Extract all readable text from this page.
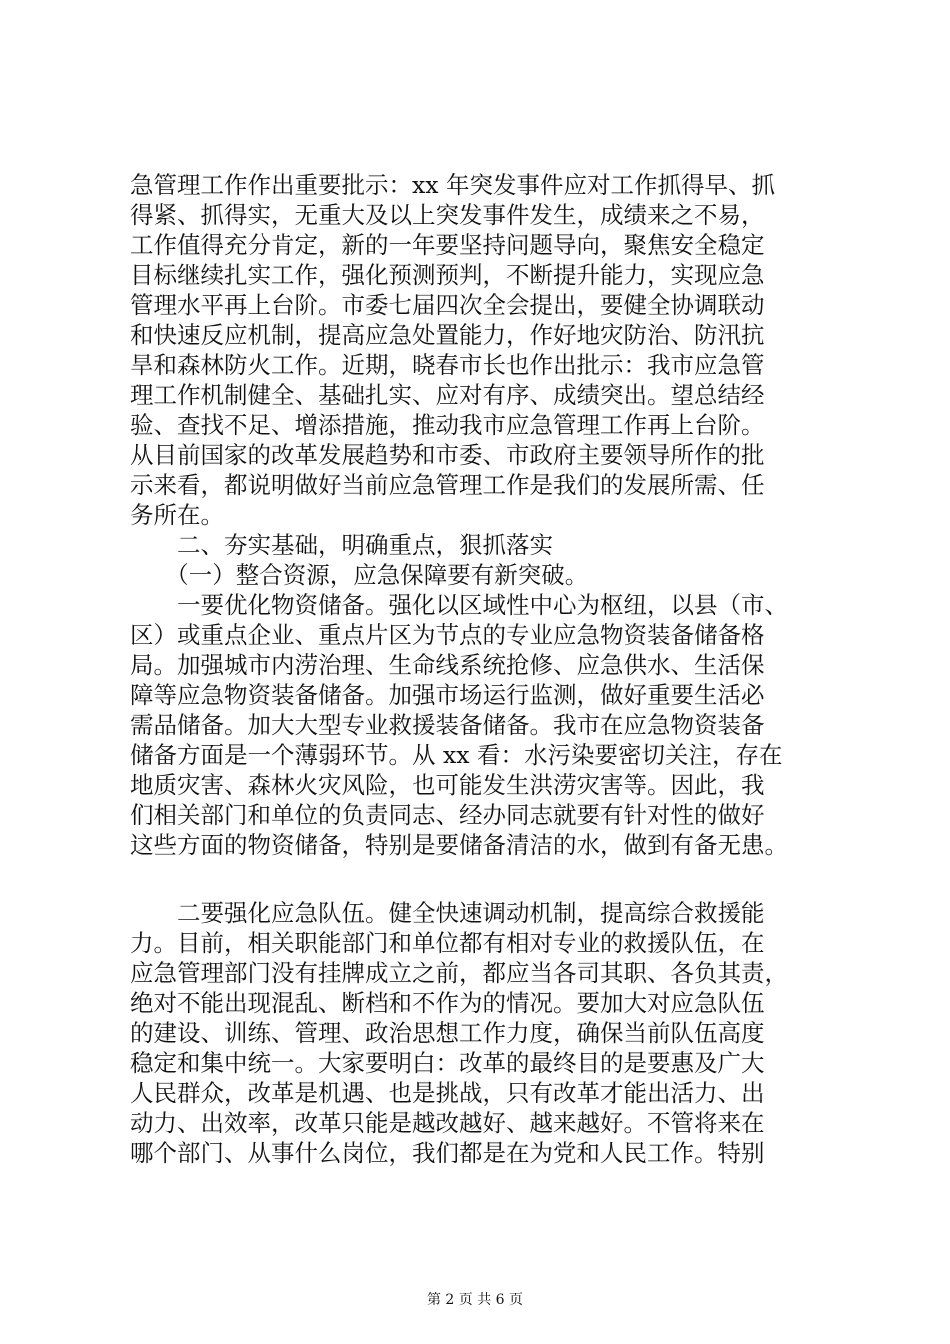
急管理工作作出重要批示：xx 年突发事件应对工作抓得早、抓
得紧、抓得实，无重大及以上突发事件发生，成绩来之不易，
工作值得充分肯定，新的一年要坚持问题导向，聚焦安全稳定
目标继续扎实工作，强化预测预判，不断提升能力，实现应急
管理水平再上台阶。市委七届四次全会提出，要健全协调联动
和快速反应机制，提高应急处置能力，作好地灾防治、防汛抗
旱和森林防火工作。近期，晓春市长也作出批示：我市应急管
理工作机制健全、基础扎实、应对有序、成绩突出。望总结经
验、查找不足、增添措施，推动我市应急管理工作再上台阶。
从目前国家的改革发展趋势和市委、市政府主要领导所作的批
示来看，都说明做好当前应急管理工作是我们的发展所需、任
务所在。
　　二、夯实基础，明确重点，狠抓落实
　　（一）整合资源，应急保障要有新突破。
　　一要优化物资储备。强化以区域性中心为枢纽，以县（市、
区）或重点企业、重点片区为节点的专业应急物资装备储备格
局。加强城市内涝治理、生命线系统抢修、应急供水、生活保
障等应急物资装备储备。加强市场运行监测，做好重要生活必
需品储备。加大大型专业救援装备储备。我市在应急物资装备
储备方面是一个薄弱环节。从 xx 看：水污染要密切关注，存在
地质灾害、森林火灾风险，也可能发生洪涝灾害等。因此，我
们相关部门和单位的负责同志、经办同志就要有针对性的做好
这些方面的物资储备，特别是要储备清洁的水，做到有备无患。
　　二要强化应急队伍。健全快速调动机制，提高综合救援能
力。目前，相关职能部门和单位都有相对专业的救援队伍，在
应急管理部门没有挂牌成立之前，都应当各司其职、各负其责，
绝对不能出现混乱、断档和不作为的情况。要加大对应急队伍
的建设、训练、管理、政治思想工作力度，确保当前队伍高度
稳定和集中统一。大家要明白：改革的最终目的是要惠及广大
人民群众，改革是机遇、也是挑战，只有改革才能出活力、出
动力、出效率，改革只能是越改越好、越来越好。不管将来在
哪个部门、从事什么岗位，我们都是在为党和人民工作。特别
第 2 页 共 6 页
